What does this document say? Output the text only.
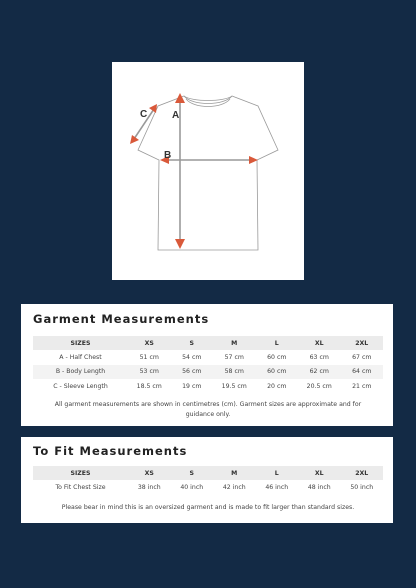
A
B
C
Garment Measurements
SIZES	XS	S	M	L	XL	2XL
A - Half Chest	51 cm	54 cm	57 cm	60 cm	63 cm	67 cm
B - Body Length	53 cm	56 cm	58 cm	60 cm	62 cm	64 cm
C - Sleeve Length	18.5 cm	19 cm	19.5 cm	20 cm	20.5 cm	21 cm
All garment measurements are shown in centimetres (cm). Garment sizes are approximate and for
guidance only.
To Fit Measurements
SIZES	XS	S	M	L	XL	2XL
To Fit Chest Size	38 inch	40 inch	42 inch	46 inch	48 inch	50 inch
Please bear in mind this is an oversized garment and is made to fit larger than standard sizes.
